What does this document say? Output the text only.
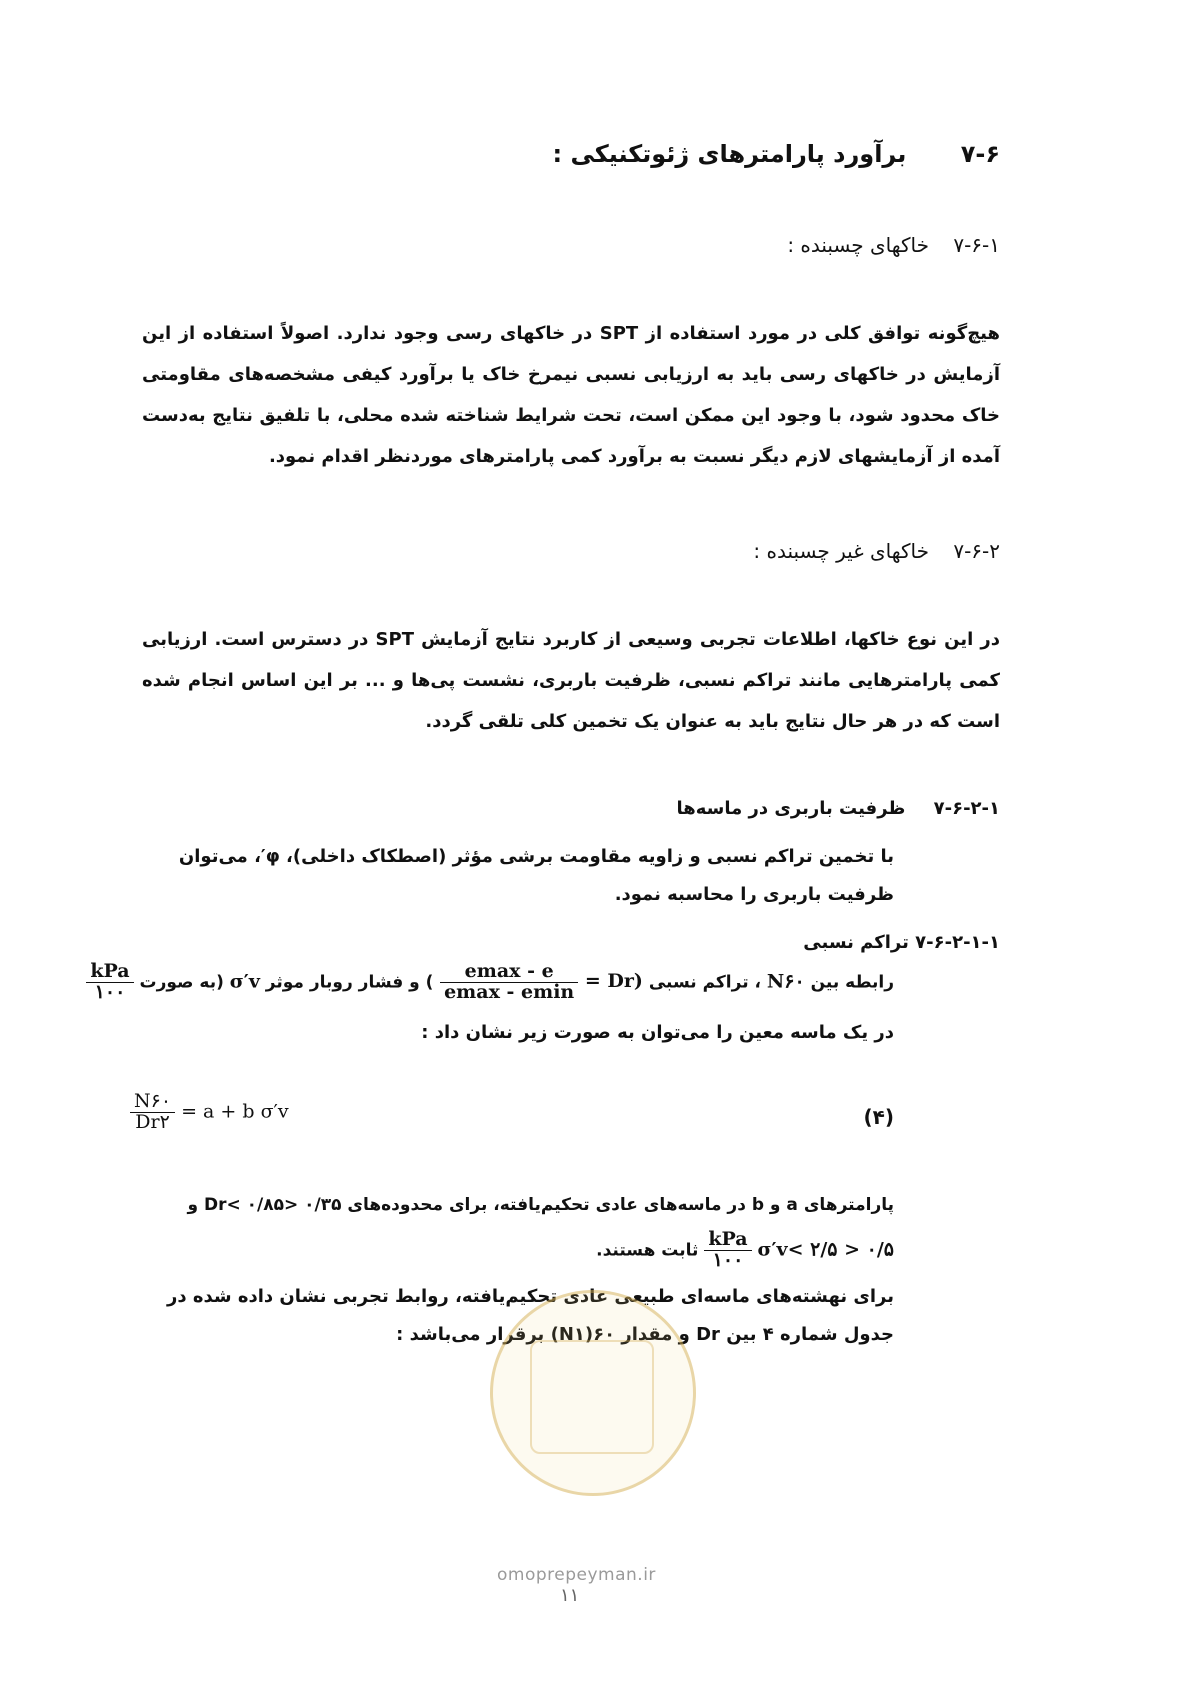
۷-۶ برآورد پارامترهای ژئوتکنیکی :
۷-۶-۱ خاکهای چسبنده :
هیچ‌گونه توافق کلی در مورد استفاده از SPT در خاکهای رسی وجود ندارد. اصولاً استفاده از این آزمایش در خاکهای رسی باید به ارزیابی نسبی نیمرخ خاک یا برآورد کیفی مشخصه‌های مقاومتی خاک محدود شود، با وجود این ممکن است، تحت شرایط شناخته شده محلی، با تلفیق نتایج به‌دست آمده از آزمایشهای لازم دیگر نسبت به برآورد کمی پارامترهای موردنظر اقدام نمود.
۷-۶-۲ خاکهای غیر چسبنده :
در این نوع خاکها، اطلاعات تجربی وسیعی از کاربرد نتایج آزمایش SPT در دسترس است. ارزیابی کمی پارامترهایی مانند تراکم نسبی، ظرفیت باربری، نشست پی‌ها و ... بر این اساس انجام شده است که در هر حال نتایج باید به عنوان یک تخمین کلی تلقی گردد.
۷-۶-۲-۱ ظرفیت باربری در ماسه‌ها
با تخمین تراکم نسبی و زاویه مقاومت برشی مؤثر (اصطکاک داخلی)، φ′، می‌توان ظرفیت باربری را محاسبه نمود.
۷-۶-۲-۱-۱ تراکم نسبی
رابطه بین N۶۰ ، تراکم نسبی (Dr =
$\frac{emax - e}{emax - emin}$
) و فشار روبار موثر σ′v (به صورت
$\frac{\text{kPa}}{۱۰۰}$
در یک ماسه معین را می‌توان به صورت زیر نشان داد :
$\frac{N۶۰}{Dr۲} = a + b$ σ′v	(۴)
پارامترهای a و b در ماسه‌های عادی تحکیم‌یافته، برای محدوده‌های ۰/۳۵ <Dr< ۰/۸۵ و
۰/۵ < σ′v< ۲/۵
$\frac{\text{kPa}}{۱۰۰}$
ثابت هستند.
برای نهشته‌های ماسه‌ای طبیعی عادی تحکیم‌یافته، روابط تجربی نشان داده شده در جدول شماره ۴ بین Dr و مقدار N۱)۶۰) برقرار می‌باشد :
omoprepeyman.ir
۱۱
